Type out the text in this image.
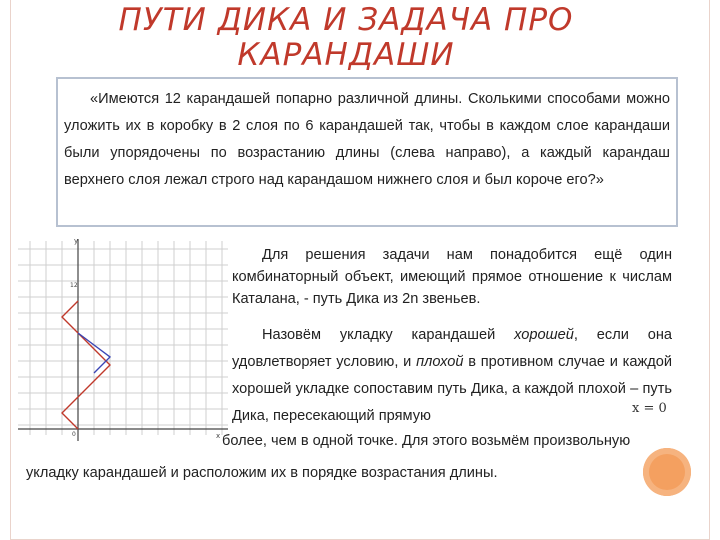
ПУТИ ДИКА И ЗАДАЧА ПРО КАРАНДАШИ
«Имеются 12 карандашей попарно различной длины. Сколькими способами можно уложить их в коробку в 2 слоя по 6 карандашей так, чтобы в каждом слое карандаши были упорядочены по возрастанию длины (слева направо), а каждый карандаш верхнего слоя лежал строго над карандашом нижнего слоя и был короче его?»
y
x
12
0
Для решения задачи нам понадобится ещё один комбинаторный объект, имеющий прямое отношение к числам Каталана, - путь Дика из 2n звеньев.
Назовём укладку карандашей хорошей, если она удовлетворяет условию, и плохой в противном случае и каждой хорошей укладке сопоставим путь Дика, а каждой плохой – путь Дика, пересекающий прямую	x = 0
более, чем в одной точке. Для этого возьмём произвольную
укладку карандашей и расположим их в порядке возрастания длины.
